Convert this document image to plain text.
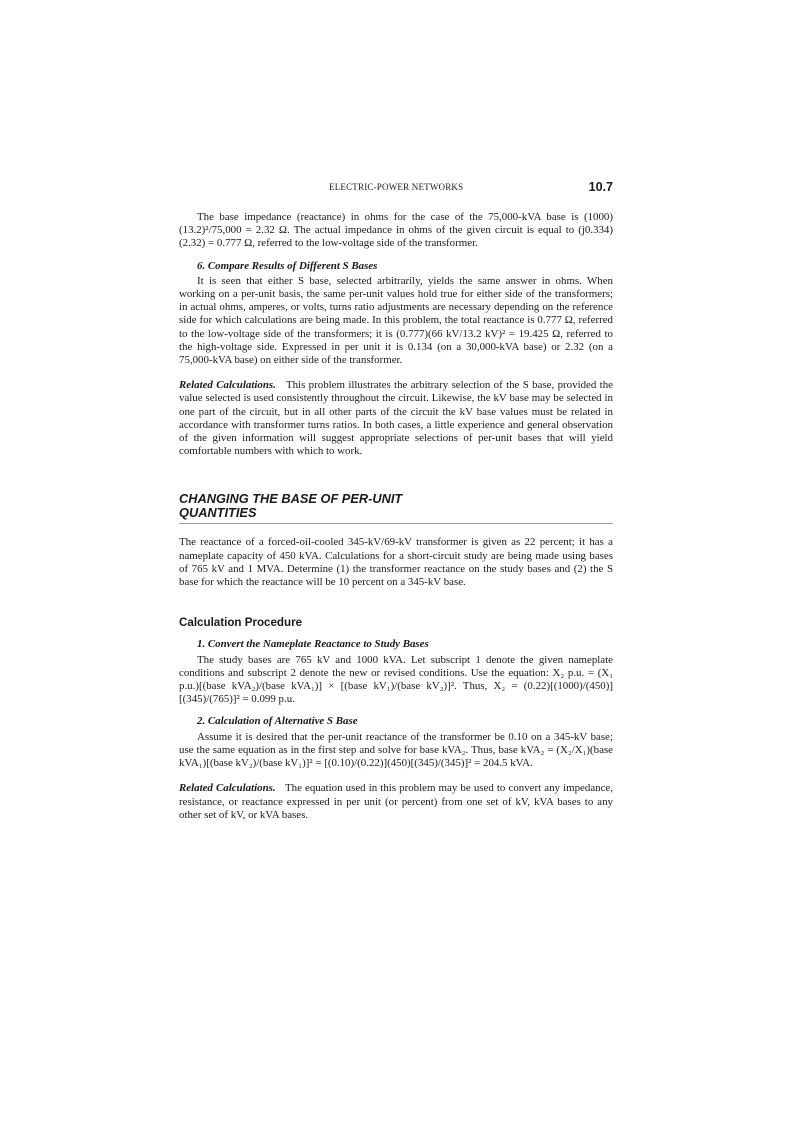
ELECTRIC-POWER NETWORKS	10.7

The base impedance (reactance) in ohms for the case of the 75,000-kVA base is (1000)(13.2)²/75,000 = 2.32 Ω. The actual impedance in ohms of the given circuit is equal to (j0.334)(2.32) = 0.777 Ω, referred to the low-voltage side of the transformer.

6. Compare Results of Different S Bases

It is seen that either S base, selected arbitrarily, yields the same answer in ohms. When working on a per-unit basis, the same per-unit values hold true for either side of the transformers; in actual ohms, amperes, or volts, turns ratio adjustments are necessary depending on the reference side for which calculations are being made. In this problem, the total reactance is 0.777 Ω, referred to the low-voltage side of the transformers; it is (0.777)(66 kV/13.2 kV)² = 19.425 Ω, referred to the high-voltage side. Expressed in per unit it is 0.134 (on a 30,000-kVA base) or 2.32 (on a 75,000-kVA base) on either side of the transformer.

Related Calculations. This problem illustrates the arbitrary selection of the S base, provided the value selected is used consistently throughout the circuit. Likewise, the kV base may be selected in one part of the circuit, but in all other parts of the circuit the kV base values must be related in accordance with transformer turns ratios. In both cases, a little experience and general observation of the given information will suggest appropriate selections of per-unit bases that will yield comfortable numbers with which to work.

CHANGING THE BASE OF PER-UNIT
QUANTITIES

The reactance of a forced-oil-cooled 345-kV/69-kV transformer is given as 22 percent; it has a nameplate capacity of 450 kVA. Calculations for a short-circuit study are being made using bases of 765 kV and 1 MVA. Determine (1) the transformer reactance on the study bases and (2) the S base for which the reactance will be 10 percent on a 345-kV base.

Calculation Procedure
1. Convert the Nameplate Reactance to Study Bases

The study bases are 765 kV and 1000 kVA. Let subscript 1 denote the given nameplate conditions and subscript 2 denote the new or revised conditions. Use the equation: X₂ p.u. = (X₁ p.u.)[(base kVA₂)/(base kVA₁)] × [(base kV₁)/(base kV₂)]². Thus, X₂ = (0.22)[(1000)/(450)][(345)/(765)]² = 0.099 p.u.

2. Calculation of Alternative S Base

Assume it is desired that the per-unit reactance of the transformer be 0.10 on a 345-kV base; use the same equation as in the first step and solve for base kVA₂. Thus, base kVA₂ = (X₂/X₁)(base kVA₁)[(base kV₂)/(base kV₁)]² = [(0.10)/(0.22)](450)[(345)/(345)]² = 204.5 kVA.

Related Calculations. The equation used in this problem may be used to convert any impedance, resistance, or reactance expressed in per unit (or percent) from one set of kV, kVA bases to any other set of kV, or kVA bases.
